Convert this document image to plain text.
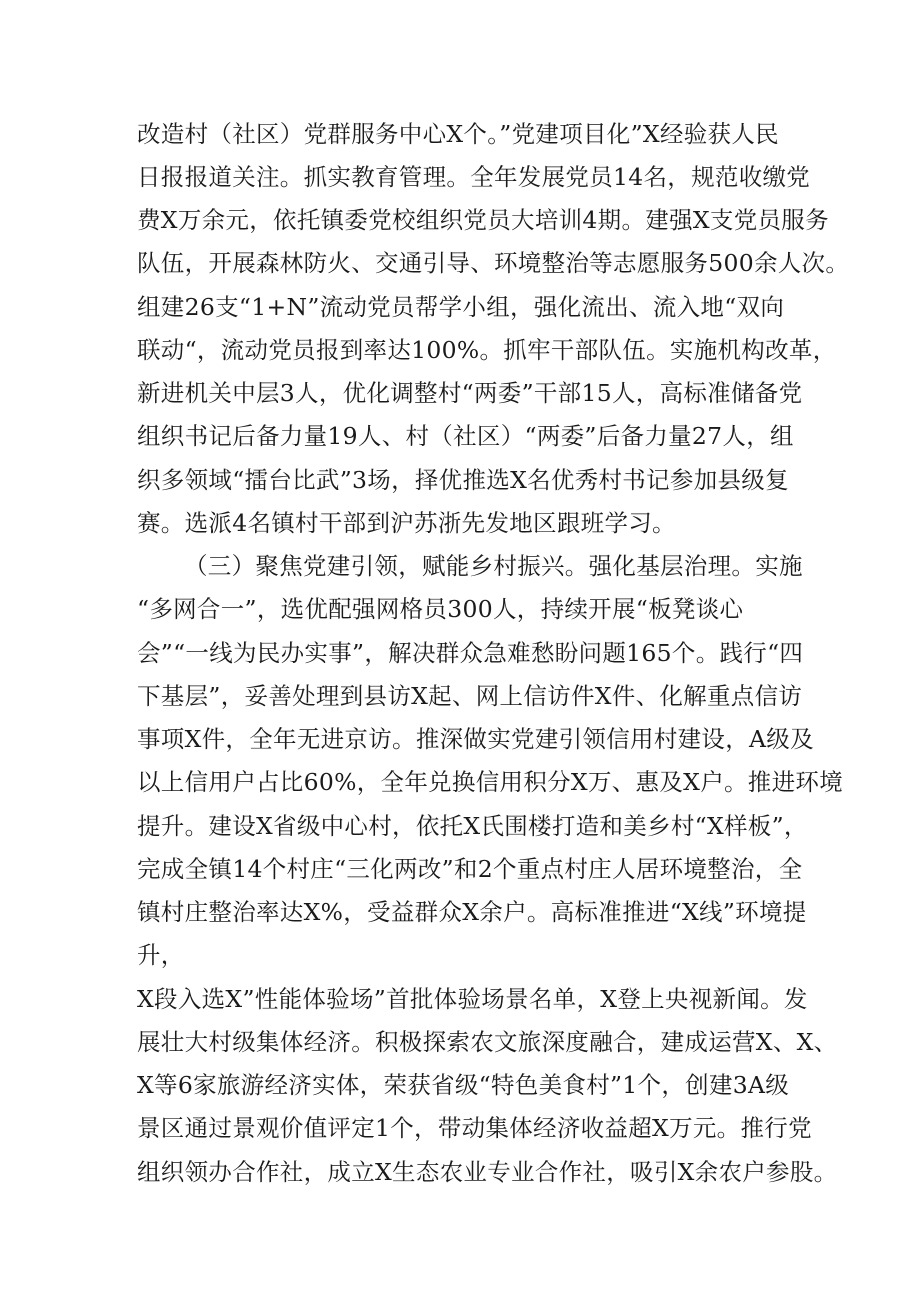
改造村（社区）党群服务中心X个。”党建项目化”X经验获人民
日报报道关注。抓实教育管理。全年发展党员14名，规范收缴党
费X万余元，依托镇委党校组织党员大培训4期。建强X支党员服务
队伍，开展森林防火、交通引导、环境整治等志愿服务500余人次。
组建26支“1+N”流动党员帮学小组，强化流出、流入地“双向
联动“，流动党员报到率达100%。抓牢干部队伍。实施机构改革，
新进机关中层3人，优化调整村“两委”干部15人，高标准储备党
组织书记后备力量19人、村（社区）“两委”后备力量27人，组
织多领域“擂台比武”3场，择优推选X名优秀村书记参加县级复
赛。选派4名镇村干部到沪苏浙先发地区跟班学习。
（三）聚焦党建引领，赋能乡村振兴。强化基层治理。实施
“多网合一”，选优配强网格员300人，持续开展“板凳谈心
会”“一线为民办实事”，解决群众急难愁盼问题165个。践行“四
下基层”，妥善处理到县访X起、网上信访件X件、化解重点信访
事项X件，全年无进京访。推深做实党建引领信用村建设，A级及
以上信用户占比60%，全年兑换信用积分X万、惠及X户。推进环境
提升。建设X省级中心村，依托X氏围楼打造和美乡村“X样板”，
完成全镇14个村庄“三化两改”和2个重点村庄人居环境整治，全
镇村庄整治率达X%，受益群众X余户。高标准推进“X线”环境提
升，
X段入选X”性能体验场”首批体验场景名单，X登上央视新闻。发
展壮大村级集体经济。积极探索农文旅深度融合，建成运营X、X、
X等6家旅游经济实体，荣获省级“特色美食村”1个，创建3A级
景区通过景观价值评定1个，带动集体经济收益超X万元。推行党
组织领办合作社，成立X生态农业专业合作社，吸引X余农户参股。
